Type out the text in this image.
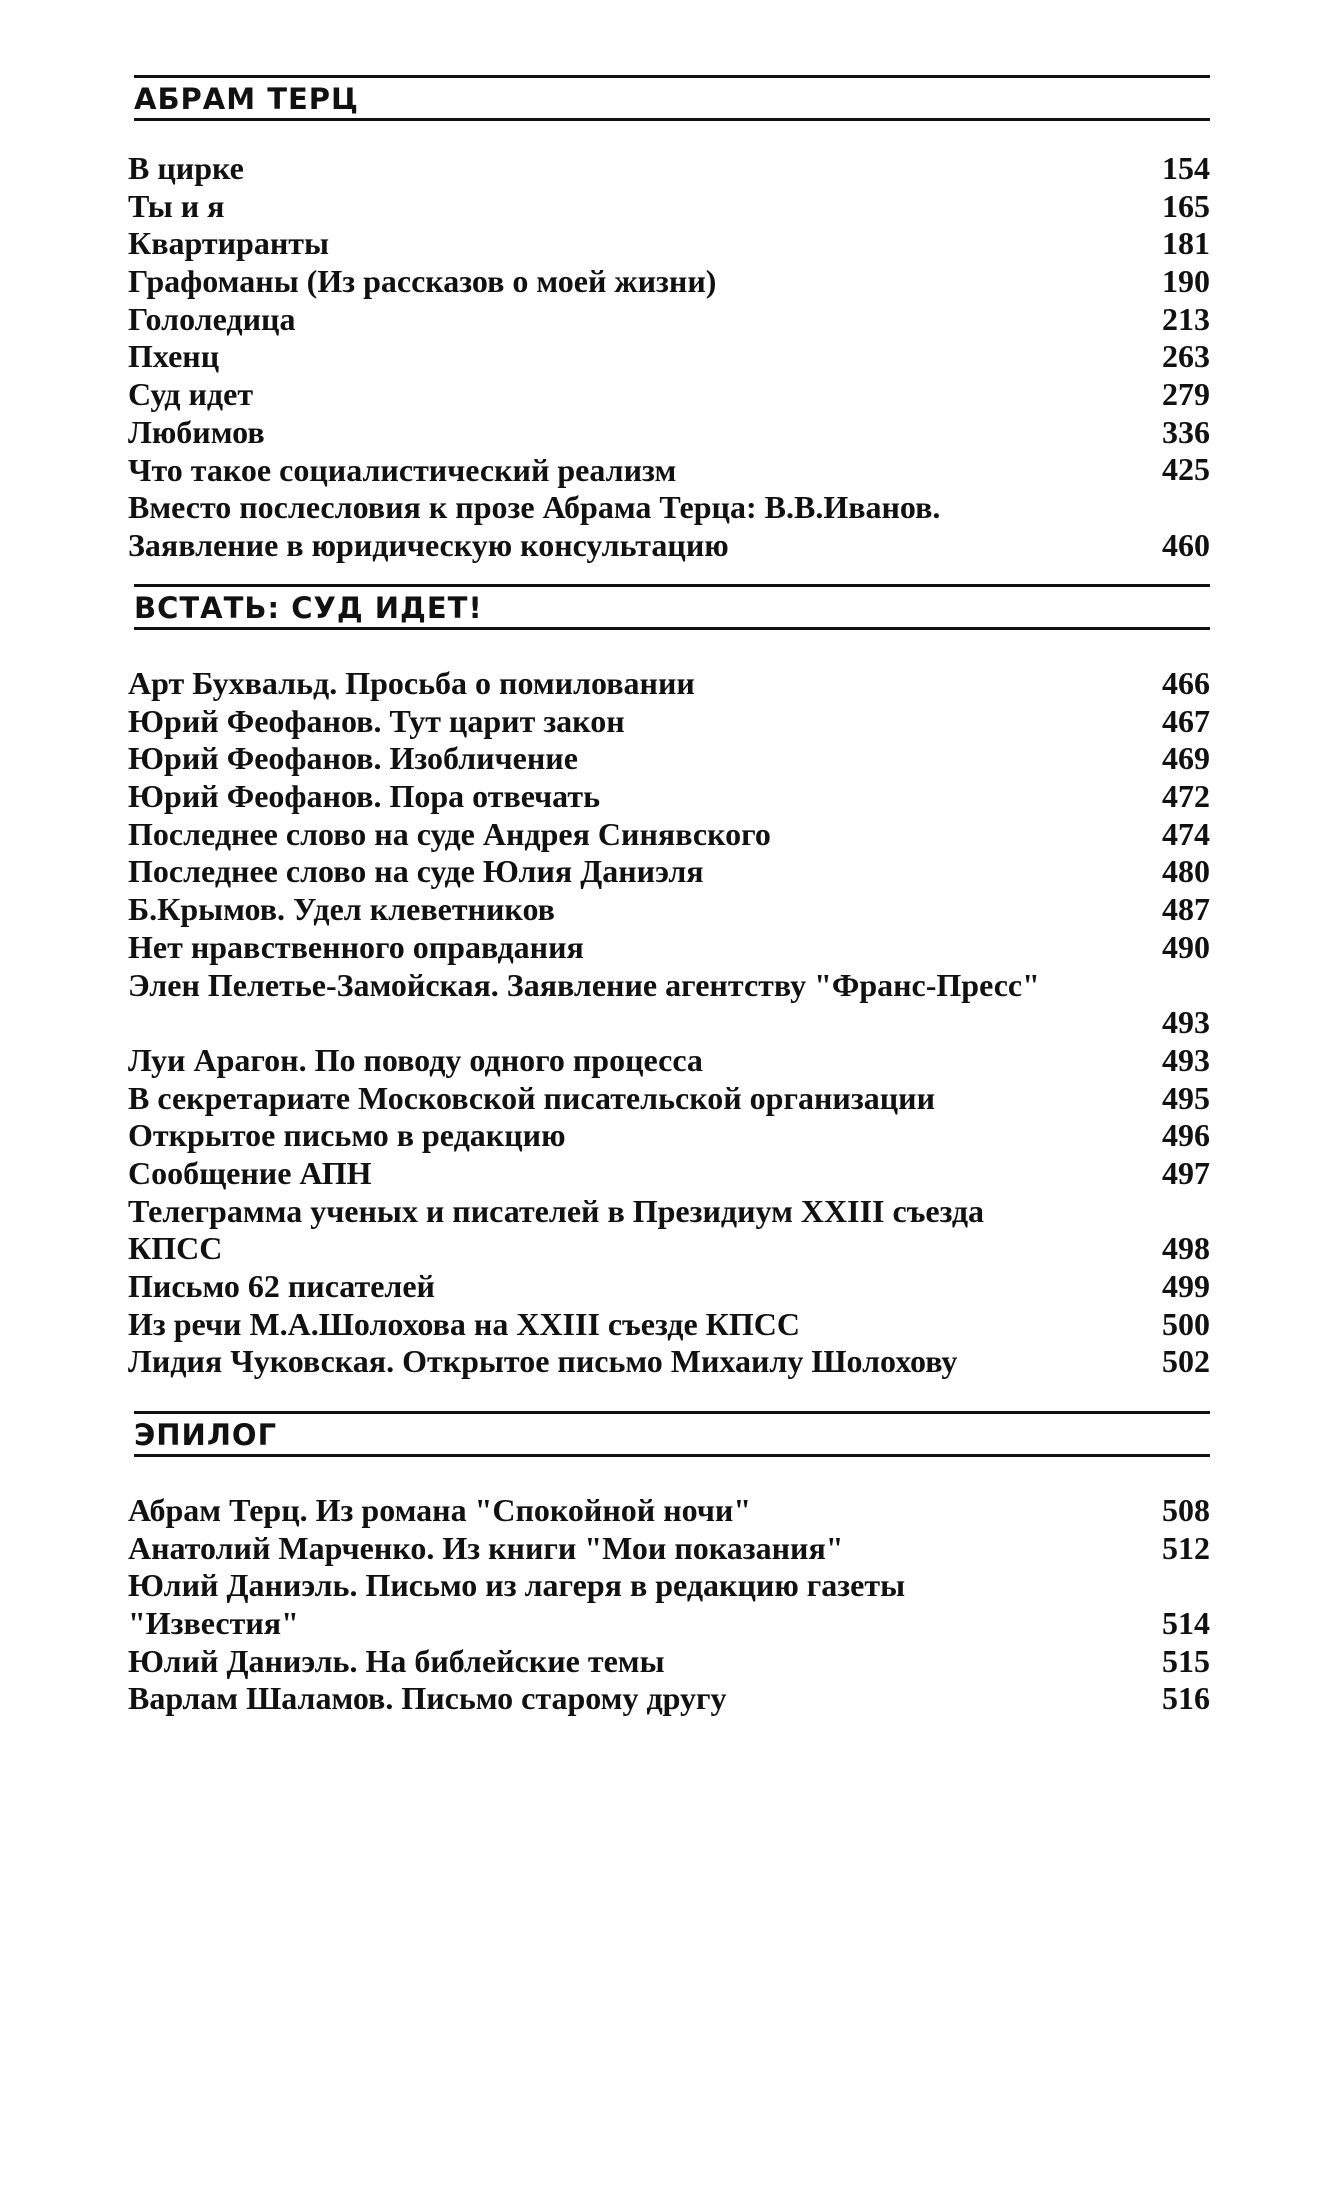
АБРАМ ТЕРЦ
В цирке	154
Ты и я	165
Квартиранты	181
Графоманы (Из рассказов о моей жизни)	190
Гололедица	213
Пхенц	263
Суд идет	279
Любимов	336
Что такое социалистический реализм	425
Вместо послесловия к прозе Абрама Терца: В.В.Иванов. Заявление в юридическую консультацию	460
ВСТАТЬ: СУД ИДЕТ!
Арт Бухвальд. Просьба о помиловании	466
Юрий Феофанов. Тут царит закон	467
Юрий Феофанов. Изобличение	469
Юрий Феофанов. Пора отвечать	472
Последнее слово на суде Андрея Синявского	474
Последнее слово на суде Юлия Даниэля	480
Б.Крымов. Удел клеветников	487
Нет нравственного оправдания	490
Элен Пелетье-Замойская. Заявление агентству "Франс-Пресс"
493
Луи Арагон. По поводу одного процесса	493
В секретариате Московской писательской организации	495
Открытое письмо в редакцию	496
Сообщение АПН	497
Телеграмма ученых и писателей в Президиум XXIII съезда КПСС	498
Письмо 62 писателей	499
Из речи М.А.Шолохова на XXIII съезде КПСС	500
Лидия Чуковская. Открытое письмо Михаилу Шолохову	502
ЭПИЛОГ
Абрам Терц. Из романа "Спокойной ночи"	508
Анатолий Марченко. Из книги "Мои показания"	512
Юлий Даниэль. Письмо из лагеря в редакцию газеты "Известия"	514
Юлий Даниэль. На библейские темы	515
Варлам Шаламов. Письмо старому другу	516
